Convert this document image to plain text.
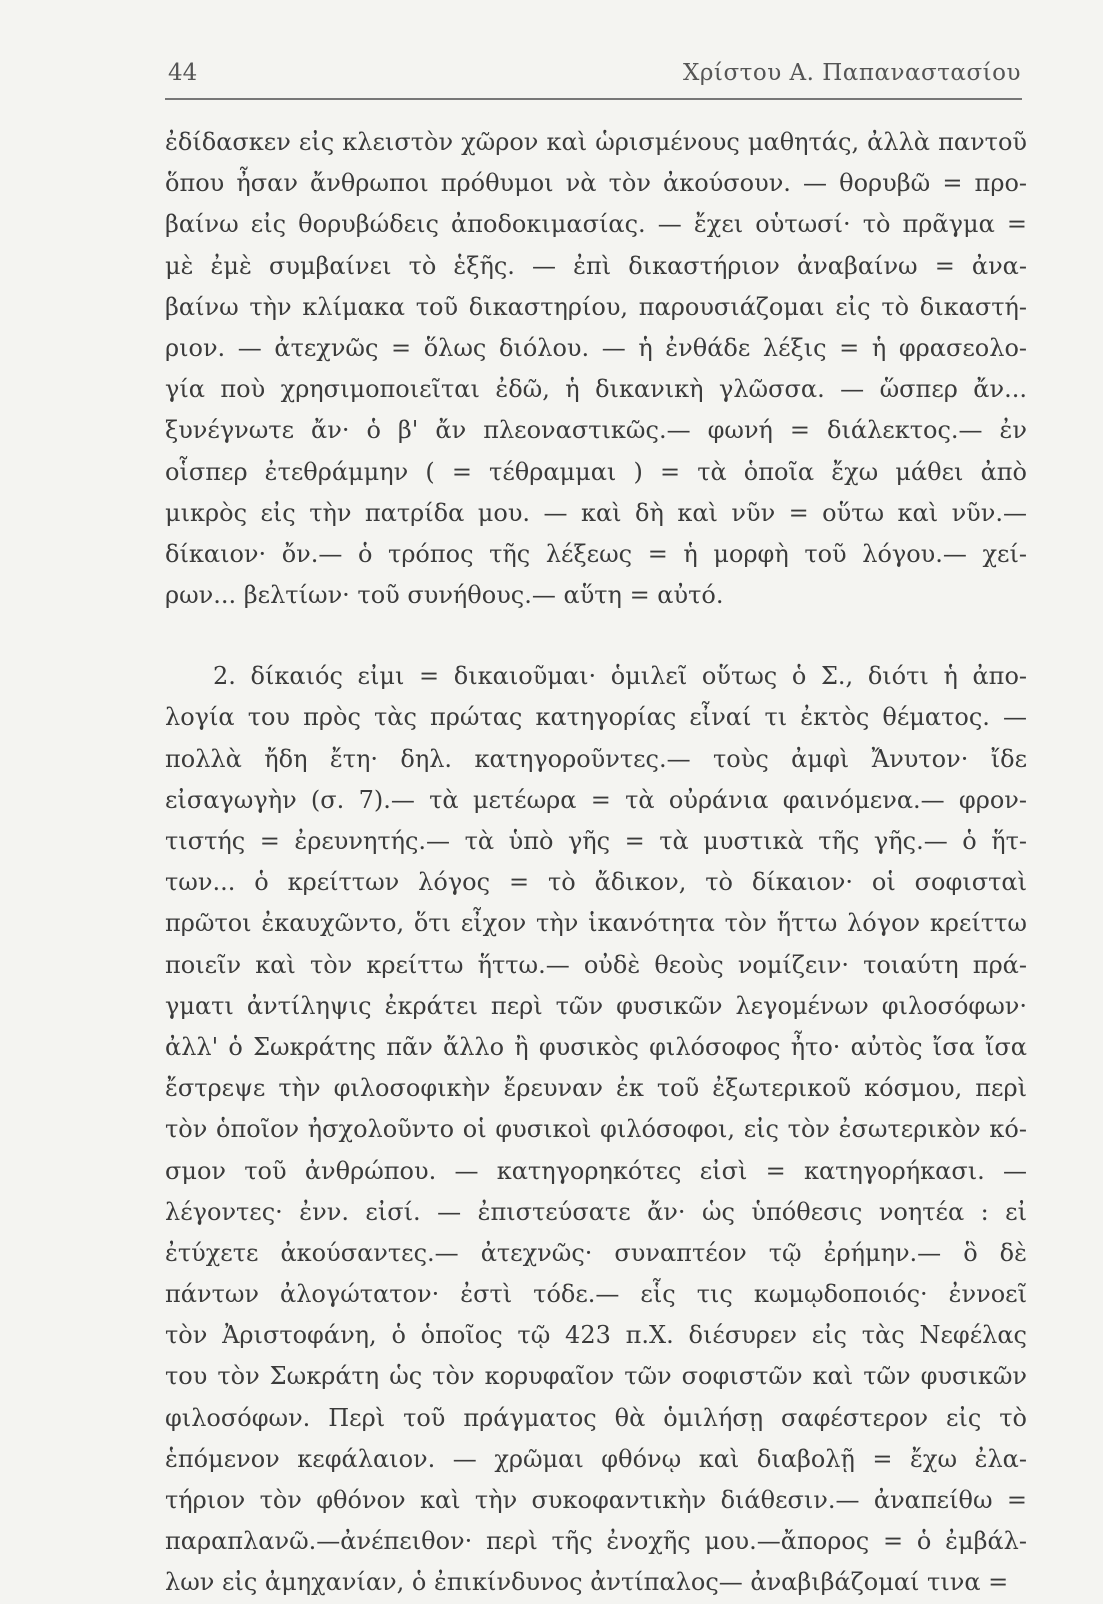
44	Χρίστου Α. Παπαναστασίου
ἐδίδασκεν εἰς κλειστὸν χῶρον καὶ ὡρισμένους μαθητάς, ἀλλὰ παντοῦ
ὅπου ἦσαν ἄνθρωποι πρόθυμοι νὰ τὸν ἀκούσουν. — θορυβῶ = προ-
βαίνω εἰς θορυβώδεις ἀποδοκιμασίας. — ἔχει οὑτωσί· τὸ πρᾶγμα =
μὲ ἐμὲ συμβαίνει τὸ ἑξῆς. — ἐπὶ δικαστήριον ἀναβαίνω = ἀνα-
βαίνω τὴν κλίμακα τοῦ δικαστηρίου, παρουσιάζομαι εἰς τὸ δικαστή-
ριον. — ἀτεχνῶς = ὅλως διόλου. — ἡ ἐνθάδε λέξις = ἡ φρασεολο-
γία ποὺ χρησιμοποιεῖται ἐδῶ, ἡ δικανικὴ γλῶσσα. — ὥσπερ ἄν...
ξυνέγνωτε ἄν· ὁ β' ἄν πλεοναστικῶς.— φωνή = διάλεκτος.— ἐν
οἷσπερ ἐτεθράμμην ( = τέθραμμαι ) = τὰ ὁποῖα ἔχω μάθει ἀπὸ
μικρὸς εἰς τὴν πατρίδα μου. — καὶ δὴ καὶ νῦν = οὕτω καὶ νῦν.—
δίκαιον· ὄν.— ὁ τρόπος τῆς λέξεως = ἡ μορφὴ τοῦ λόγου.— χεί-
ρων... βελτίων· τοῦ συνήθους.— αὕτη = αὐτό.
2. δίκαιός εἰμι = δικαιοῦμαι· ὁμιλεῖ οὕτως ὁ Σ., διότι ἡ ἀπο-
λογία του πρὸς τὰς πρώτας κατηγορίας εἶναί τι ἐκτὸς θέματος. —
πολλὰ ἤδη ἔτη· δηλ. κατηγοροῦντες.— τοὺς ἀμφὶ Ἄνυτον· ἴδε
εἰσαγωγὴν (σ. 7).— τὰ μετέωρα = τὰ οὐράνια φαινόμενα.— φρον-
τιστής = ἐρευνητής.— τὰ ὑπὸ γῆς = τὰ μυστικὰ τῆς γῆς.— ὁ ἥτ-
των... ὁ κρείττων λόγος = τὸ ἄδικον, τὸ δίκαιον· οἱ σοφισταὶ
πρῶτοι ἐκαυχῶντο, ὅτι εἶχον τὴν ἱκανότητα τὸν ἥττω λόγον κρείττω
ποιεῖν καὶ τὸν κρείττω ἥττω.— οὐδὲ θεοὺς νομίζειν· τοιαύτη πρά-
γματι ἀντίληψις ἐκράτει περὶ τῶν φυσικῶν λεγομένων φιλοσόφων·
ἀλλ' ὁ Σωκράτης πᾶν ἄλλο ἢ φυσικὸς φιλόσοφος ἦτο· αὐτὸς ἴσα ἴσα
ἔστρεψε τὴν φιλοσοφικὴν ἔρευναν ἐκ τοῦ ἐξωτερικοῦ κόσμου, περὶ
τὸν ὁποῖον ἠσχολοῦντο οἱ φυσικοὶ φιλόσοφοι, εἰς τὸν ἐσωτερικὸν κό-
σμον τοῦ ἀνθρώπου. — κατηγορηκότες εἰσὶ = κατηγορήκασι. —
λέγοντες· ἐνν. εἰσί. — ἐπιστεύσατε ἄν· ὡς ὑπόθεσις νοητέα : εἰ
ἐτύχετε ἀκούσαντες.— ἀτεχνῶς· συναπτέον τῷ ἐρήμην.— ὃ δὲ
πάντων ἀλογώτατον· ἐστὶ τόδε.— εἷς τις κωμῳδοποιός· ἐννοεῖ
τὸν Ἀριστοφάνη, ὁ ὁποῖος τῷ 423 π.Χ. διέσυρεν εἰς τὰς Νεφέλας
του τὸν Σωκράτη ὡς τὸν κορυφαῖον τῶν σοφιστῶν καὶ τῶν φυσικῶν
φιλοσόφων. Περὶ τοῦ πράγματος θὰ ὁμιλήσῃ σαφέστερον εἰς τὸ
ἑπόμενον κεφάλαιον. — χρῶμαι φθόνῳ καὶ διαβολῇ = ἔχω ἐλα-
τήριον τὸν φθόνον καὶ τὴν συκοφαντικὴν διάθεσιν.— ἀναπείθω =
παραπλανῶ.—ἀνέπειθον· περὶ τῆς ἐνοχῆς μου.—ἄπορος = ὁ ἐμβάλ-
λων εἰς ἀμηχανίαν, ὁ ἐπικίνδυνος ἀντίπαλος— ἀναβιβάζομαί τινα =
